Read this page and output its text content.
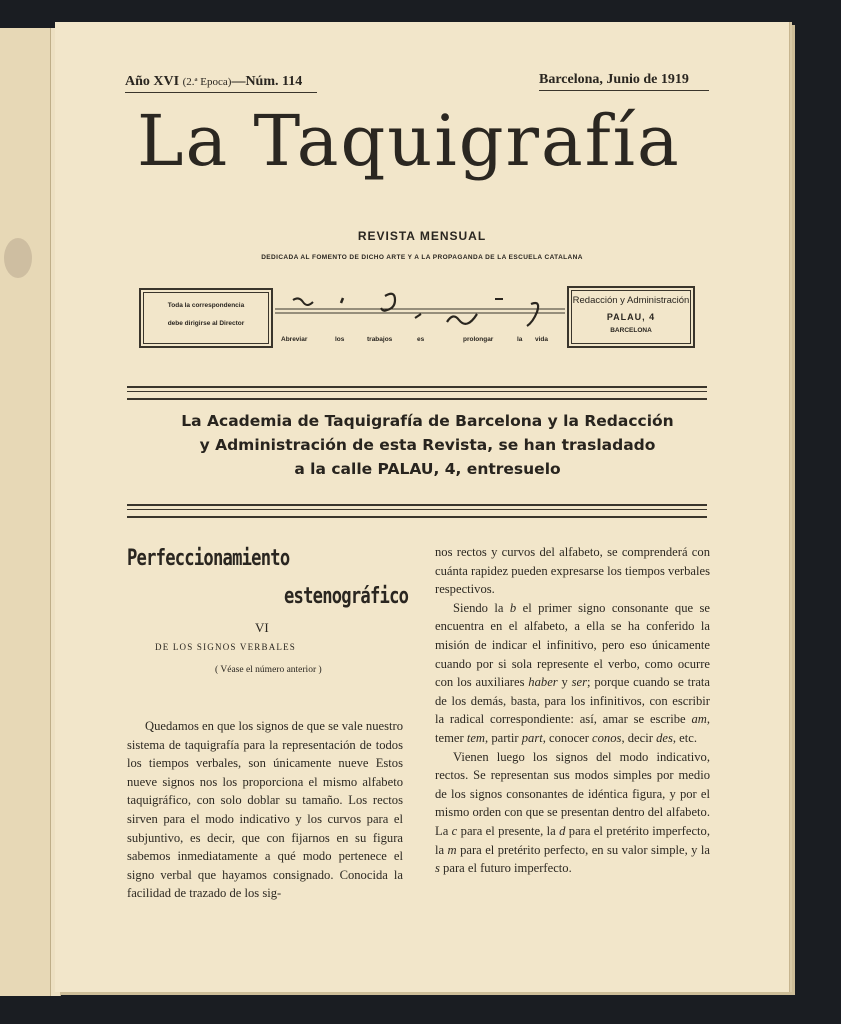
Año XVI (2.ª Epoca)—Núm. 114	Barcelona, Junio de 1919
La Taquigrafía
REVISTA MENSUAL
DEDICADA AL FOMENTO DE DICHO ARTE Y A LA PROPAGANDA DE LA ESCUELA CATALANA
Toda la correspondencia
debe dirigirse al Director
Abreviar	los	trabajos	es	prolongar	la vida
Redacción y Administración
PALAU, 4
BARCELONA
La Academia de Taquigrafía de Barcelona y la Redacción
y Administración de esta Revista, se han trasladado
a la calle PALAU, 4, entresuelo
Perfeccionamiento
estenográfico
VI
DE LOS SIGNOS VERBALES
( Véase el número anterior )

Quedamos en que los signos de que se vale nuestro sistema de taquigrafía para la representación de todos los tiempos verbales, son únicamente nueve Estos nueve signos nos los proporciona el mismo alfabeto taquigráfico, con solo doblar su tamaño. Los rectos sirven para el modo indicativo y los curvos para el subjuntivo, es decir, que con fijarnos en su figura sabemos inmediatamente a qué modo pertenece el signo verbal que hayamos consignado. Conocida la facilidad de trazado de los sig-

nos rectos y curvos del alfabeto, se comprenderá con cuánta rapidez pueden expresarse los tiempos verbales respectivos.

Siendo la b el primer signo consonante que se encuentra en el alfabeto, a ella se ha conferido la misión de indicar el infinitivo, pero eso únicamente cuando por si sola represente el verbo, como ocurre con los auxiliares haber y ser; porque cuando se trata de los demás, basta, para los infinitivos, con escribir la radical correspondiente: así, amar se escribe am, temer tem, partir part, conocer conos, decir des, etc.

Vienen luego los signos del modo indicativo, rectos. Se representan sus modos simples por medio de los signos consonantes de idéntica figura, y por el mismo orden con que se presentan dentro del alfabeto. La c para el presente, la d para el pretérito imperfecto, la m para el pretérito perfecto, en su valor simple, y la s para el futuro imperfecto.
